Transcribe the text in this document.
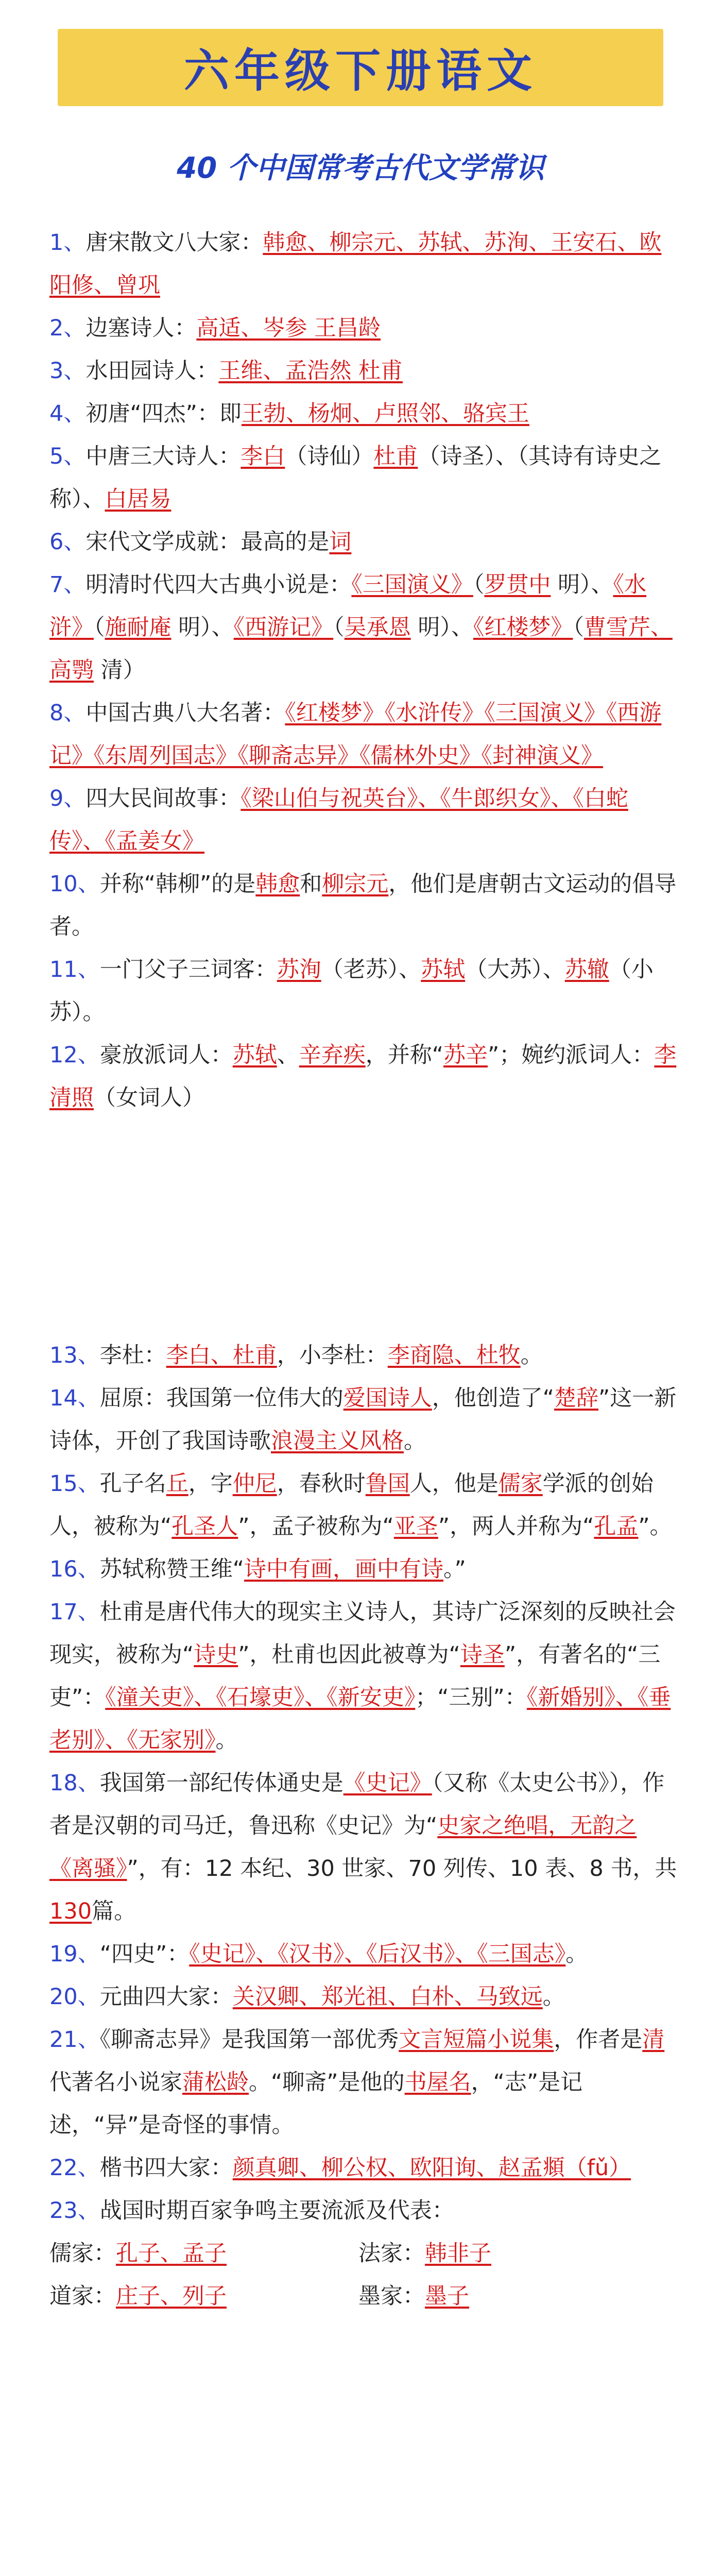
六年级下册语文
40 个中国常考古代文学常识

1、唐宋散文八大家：韩愈、柳宗元、苏轼、苏洵、王安石、欧阳修、曾巩

2、边塞诗人：高适、岑参 王昌龄

3、水田园诗人：王维、孟浩然 杜甫

4、初唐“四杰”：即王勃、杨炯、卢照邻、骆宾王

5、中唐三大诗人：李白（诗仙）杜甫（诗圣）、（其诗有诗史之称）、白居易

6、宋代文学成就：最高的是词

7、明清时代四大古典小说是：《三国演义》（罗贯中 明）、《水浒》（施耐庵 明）、《西游记》（吴承恩 明）、《红楼梦》（曹雪芹、高鹗 清）

8、中国古典八大名著：《红楼梦》《水浒传》《三国演义》《西游记》《东周列国志》《聊斋志异》《儒林外史》《封神演义》

9、四大民间故事：《梁山伯与祝英台》、《牛郎织女》、《白蛇传》、《孟姜女》

10、并称“韩柳”的是韩愈和柳宗元，他们是唐朝古文运动的倡导者。

11、一门父子三词客：苏洵（老苏）、苏轼（大苏）、苏辙（小苏）。

12、豪放派词人：苏轼、辛弃疾，并称“苏辛”；婉约派词人：李清照（女词人）

13、李杜：李白、杜甫，小李杜：李商隐、杜牧。

14、屈原：我国第一位伟大的爱国诗人，他创造了“楚辞”这一新诗体，开创了我国诗歌浪漫主义风格。

15、孔子名丘，字仲尼，春秋时鲁国人，他是儒家学派的创始人，被称为“孔圣人”，孟子被称为“亚圣”，两人并称为“孔孟”。

16、苏轼称赞王维“诗中有画，画中有诗。”

17、杜甫是唐代伟大的现实主义诗人，其诗广泛深刻的反映社会现实，被称为“诗史”，杜甫也因此被尊为“诗圣”，有著名的“三吏”：《潼关吏》、《石壕吏》、《新安吏》；“三别”：《新婚别》、《垂老别》、《无家别》。

18、我国第一部纪传体通史是《史记》（又称《太史公书》），作者是汉朝的司马迁，鲁迅称《史记》为“史家之绝唱，无韵之《离骚》”，有：12 本纪、30 世家、70 列传、10 表、8 书，共130篇。

19、“四史”：《史记》、《汉书》、《后汉书》、《三国志》。

20、元曲四大家：关汉卿、郑光祖、白朴、马致远。

21、《聊斋志异》是我国第一部优秀文言短篇小说集，作者是清代著名小说家蒲松龄。“聊斋”是他的书屋名，“志”是记述，“异”是奇怪的事情。

22、楷书四大家：颜真卿、柳公权、欧阳询、赵孟頫（fǔ）

23、战国时期百家争鸣主要流派及代表：

儒家：孔子、孟子	法家：韩非子
道家：庄子、列子	墨家：墨子
